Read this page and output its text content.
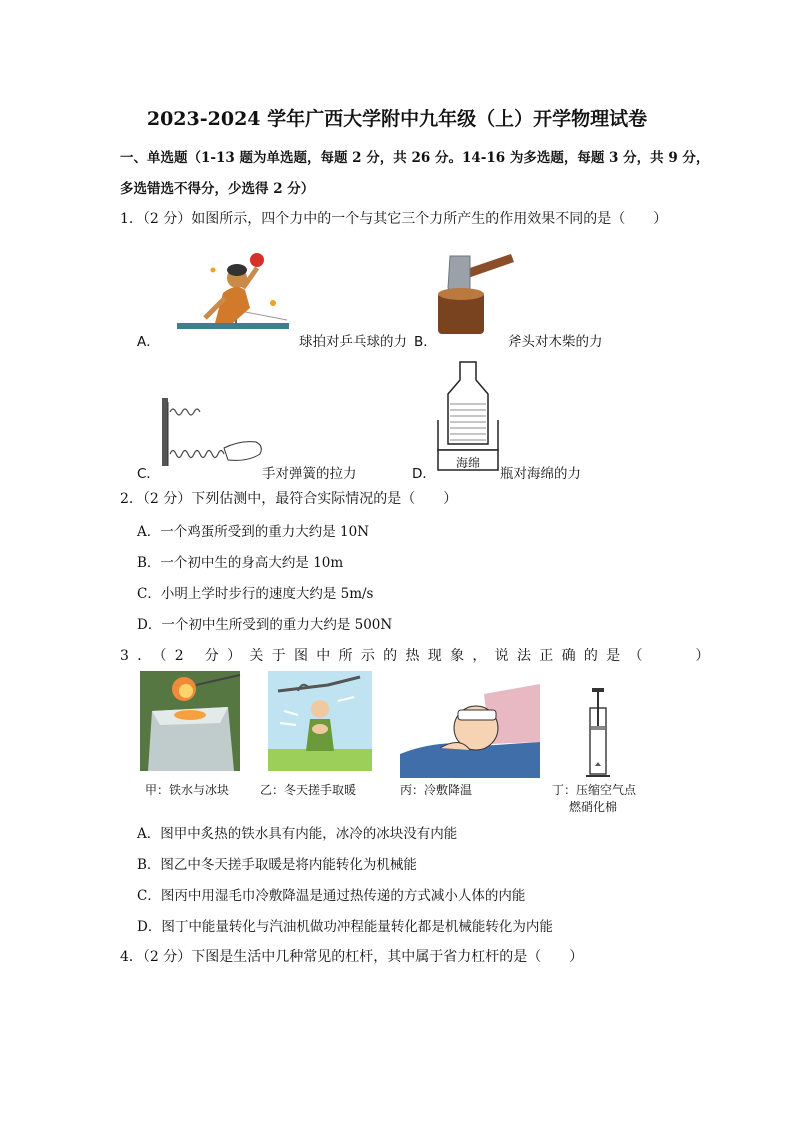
2023-2024 学年广西大学附中九年级（上）开学物理试卷
一、单选题（1-13 题为单选题，每题 2 分，共 26 分。14-16 为多选题，每题 3 分，共 9 分，
多选错选不得分，少选得 2 分）
1．（2 分）如图所示，四个力中的一个与其它三个力所产生的作用效果不同的是（　　）
A．	球拍对乒乓球的力 B．	斧头对木柴的力
C．	手对弹簧的拉力
海绵
D．	瓶对海绵的力
2．（2 分）下列估测中，最符合实际情况的是（　　）
A．一个鸡蛋所受到的重力大约是 10N
B．一个初中生的身高大约是 10m
C．小明上学时步行的速度大约是 5m/s
D．一个初中生所受到的重力大约是 500N
3．（2 分）关于图中所示的热现象，说法正确的是（　　）
甲：铁水与冰块	乙：冬天搓手取暖	丙：冷敷降温	丁：压缩空气点
燃硝化棉
A．图甲中炙热的铁水具有内能，冰冷的冰块没有内能
B．图乙中冬天搓手取暖是将内能转化为机械能
C．图丙中用湿毛巾冷敷降温是通过热传递的方式减小人体的内能
D．图丁中能量转化与汽油机做功冲程能量转化都是机械能转化为内能
4．（2 分）下图是生活中几种常见的杠杆，其中属于省力杠杆的是（　　）
